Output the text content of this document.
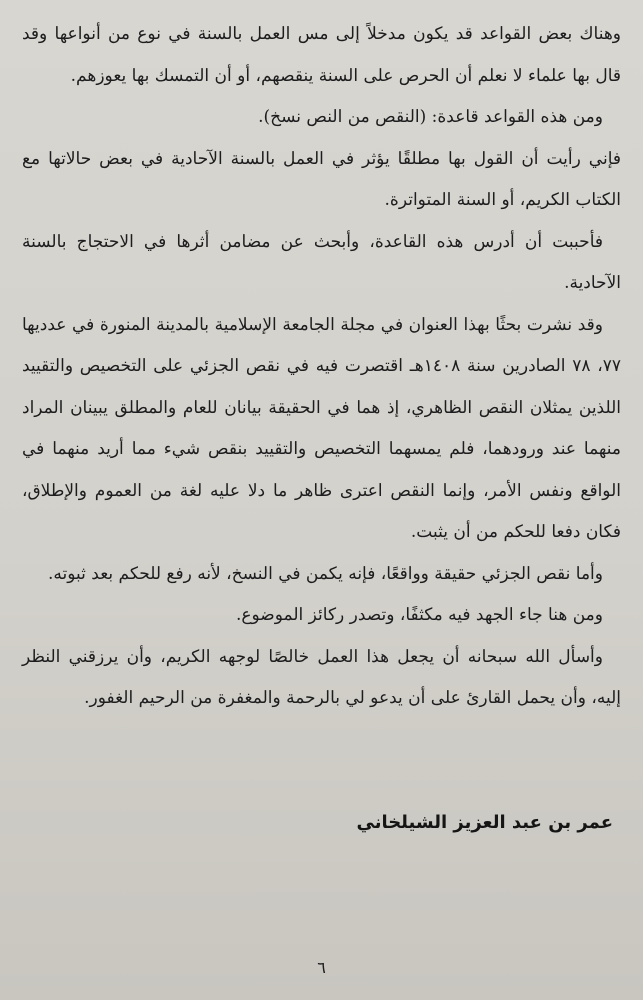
وهناك بعض القواعد قد يكون مدخلاً إلى مس العمل بالسنة في نوع من أنواعها وقد قال بها علماء لا نعلم أن الحرص على السنة ينقصهم، أو أن التمسك بها يعوزهم.

ومن هذه القواعد قاعدة: (النقص من النص نسخ).

فإني رأيت أن القول بها مطلقًا يؤثر في العمل بالسنة الآحادية في بعض حالاتها مع الكتاب الكريم، أو السنة المتواترة.

فأحببت أن أدرس هذه القاعدة، وأبحث عن مضامن أثرها في الاحتجاج بالسنة الآحادية.

وقد نشرت بحثًا بهذا العنوان في مجلة الجامعة الإسلامية بالمدينة المنورة في عدديها ٧٧، ٧٨ الصادرين سنة ١٤٠٨هـ اقتصرت فيه في نقص الجزئي على التخصيص والتقييد اللذين يمثلان النقص الظاهري، إذ هما في الحقيقة بيانان للعام والمطلق يبينان المراد منهما عند ورودهما، فلم يمسهما التخصيص والتقييد بنقص شيء مما أريد منهما في الواقع ونفس الأمر، وإنما النقص اعترى ظاهر ما دلا عليه لغة من العموم والإطلاق، فكان دفعا للحكم من أن يثبت.

وأما نقص الجزئي حقيقة وواقعًا، فإنه يكمن في النسخ، لأنه رفع للحكم بعد ثبوته.

ومن هنا جاء الجهد فيه مكثفًا، وتصدر ركائز الموضوع.

وأسأل الله سبحانه أن يجعل هذا العمل خالصًا لوجهه الكريم، وأن يرزقني النظر إليه، وأن يحمل القارئ على أن يدعو لي بالرحمة والمغفرة من الرحيم الغفور.

عمر بن عبد العزيز الشيلخاني
٦
